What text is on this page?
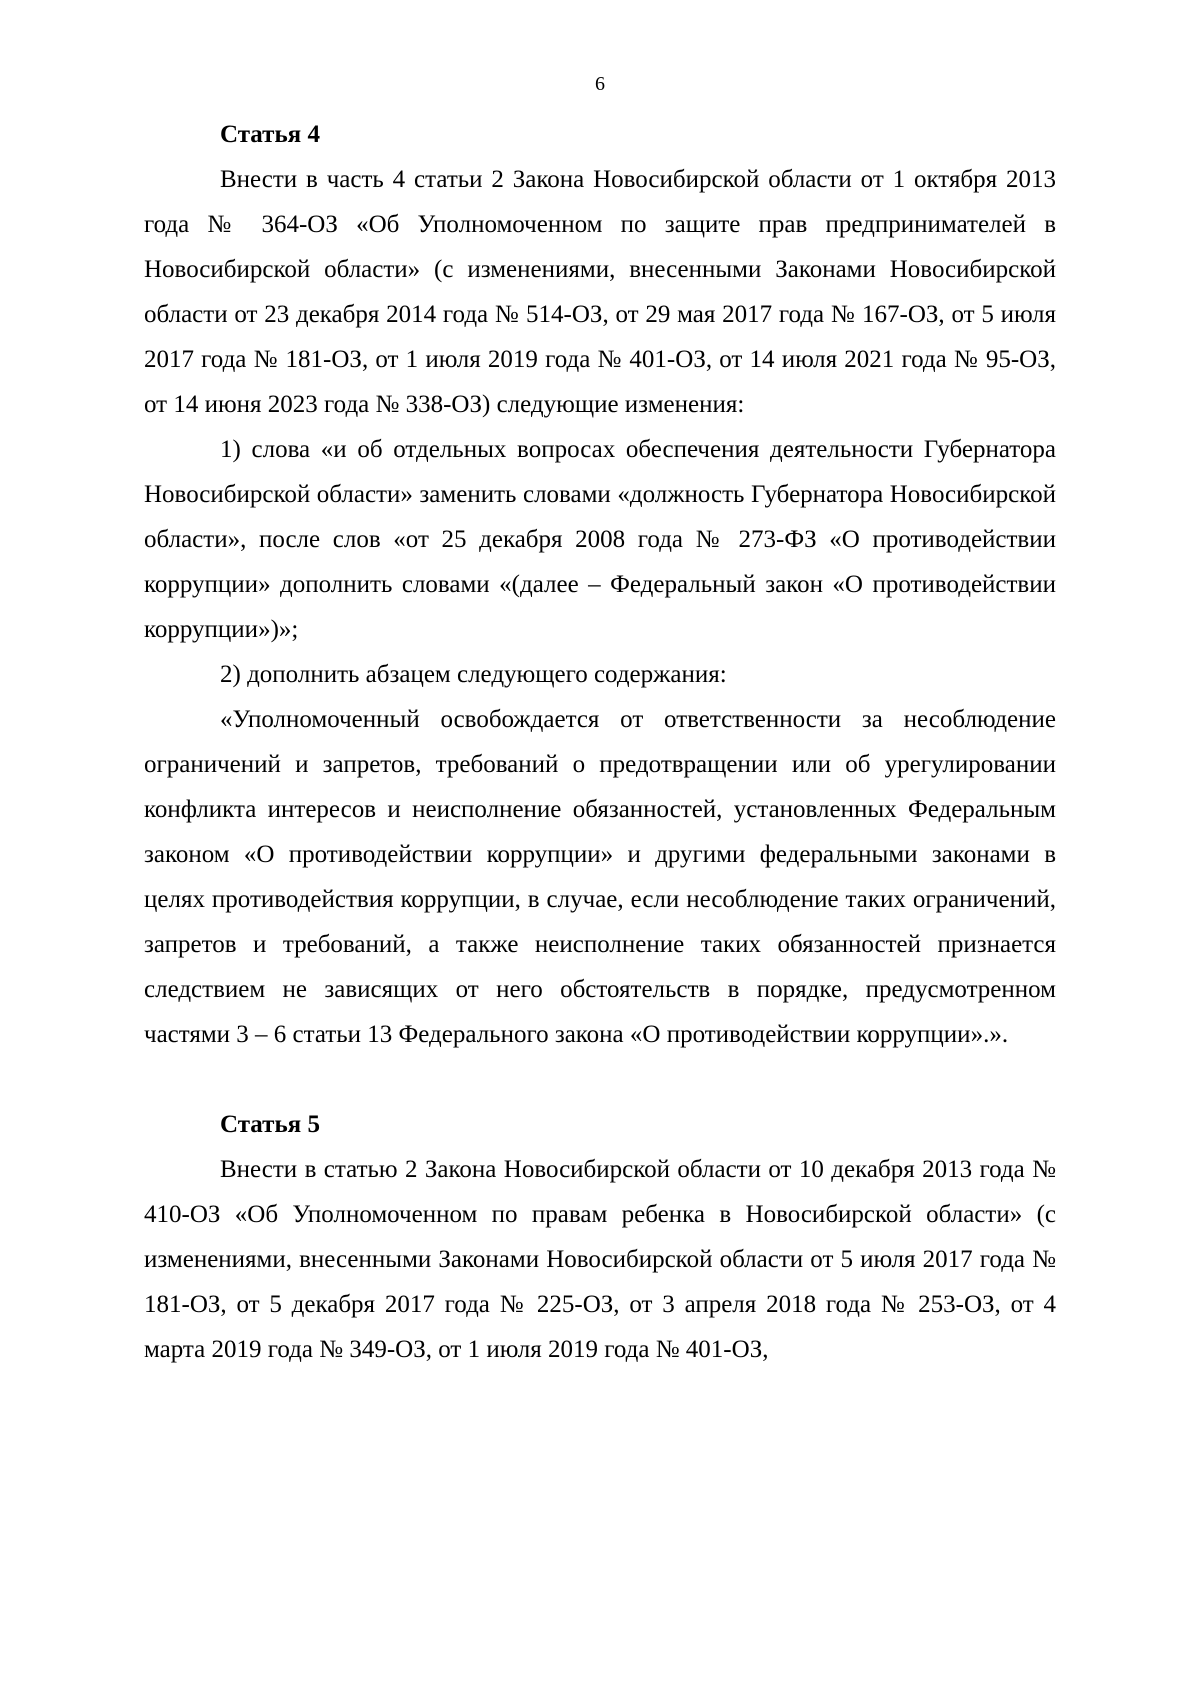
6

Статья 4

Внести в часть 4 статьи 2 Закона Новосибирской области от 1 октября 2013 года № 364-ОЗ «Об Уполномоченном по защите прав предпринимателей в Новосибирской области» (с изменениями, внесенными Законами Новосибирской области от 23 декабря 2014 года № 514-ОЗ, от 29 мая 2017 года № 167-ОЗ, от 5 июля 2017 года № 181-ОЗ, от 1 июля 2019 года № 401-ОЗ, от 14 июля 2021 года № 95-ОЗ, от 14 июня 2023 года № 338-ОЗ) следующие изменения:

1) слова «и об отдельных вопросах обеспечения деятельности Губернатора Новосибирской области» заменить словами «должность Губернатора Новосибирской области», после слов «от 25 декабря 2008 года № 273-ФЗ «О противодействии коррупции» дополнить словами «(далее – Федеральный закон «О противодействии коррупции»)»;

2) дополнить абзацем следующего содержания:

«Уполномоченный освобождается от ответственности за несоблюдение ограничений и запретов, требований о предотвращении или об урегулировании конфликта интересов и неисполнение обязанностей, установленных Федеральным законом «О противодействии коррупции» и другими федеральными законами в целях противодействия коррупции, в случае, если несоблюдение таких ограничений, запретов и требований, а также неисполнение таких обязанностей признается следствием не зависящих от него обстоятельств в порядке, предусмотренном частями 3 – 6 статьи 13 Федерального закона «О противодействии коррупции».».

Статья 5

Внести в статью 2 Закона Новосибирской области от 10 декабря 2013 года № 410-ОЗ «Об Уполномоченном по правам ребенка в Новосибирской области» (с изменениями, внесенными Законами Новосибирской области от 5 июля 2017 года № 181-ОЗ, от 5 декабря 2017 года № 225-ОЗ, от 3 апреля 2018 года № 253-ОЗ, от 4 марта 2019 года № 349-ОЗ, от 1 июля 2019 года № 401-ОЗ,
